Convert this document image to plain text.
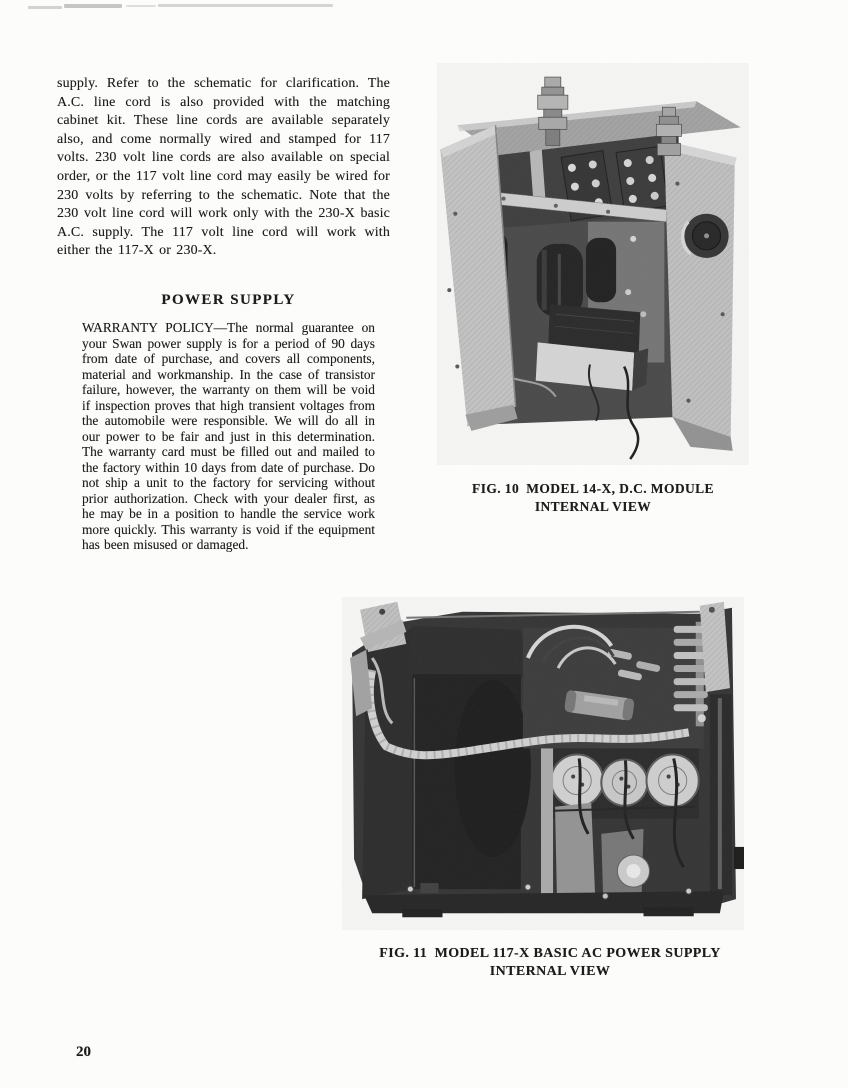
supply. Refer to the schematic for clarification. The A.C. line cord is also provided with the matching cabinet kit. These line cords are available separately also, and come normally wired and stamped for 117 volts. 230 volt line cords are also available on special order, or the 117 volt line cord may easily be wired for 230 volts by referring to the schematic. Note that the 230 volt line cord will work only with the 230-X basic A.C. supply. The 117 volt line cord will work with either the 117-X or 230-X.

POWER SUPPLY

WARRANTY POLICY—The normal guarantee on your Swan power supply is for a period of 90 days from date of purchase, and covers all components, material and workmanship. In the case of transistor failure, however, the warranty on them will be void if inspection proves that high transient voltages from the automobile were responsible. We will do all in our power to be fair and just in this determination. The warranty card must be filled out and mailed to the factory within 10 days from date of purchase. Do not ship a unit to the factory for servicing without prior authorization. Check with your dealer first, as he may be in a position to handle the service work more quickly. This warranty is void if the equipment has been misused or damaged.

FIG. 10 MODEL 14-X, D.C. MODULE
INTERNAL VIEW
FIG. 11 MODEL 117-X BASIC AC POWER SUPPLY
INTERNAL VIEW
20
